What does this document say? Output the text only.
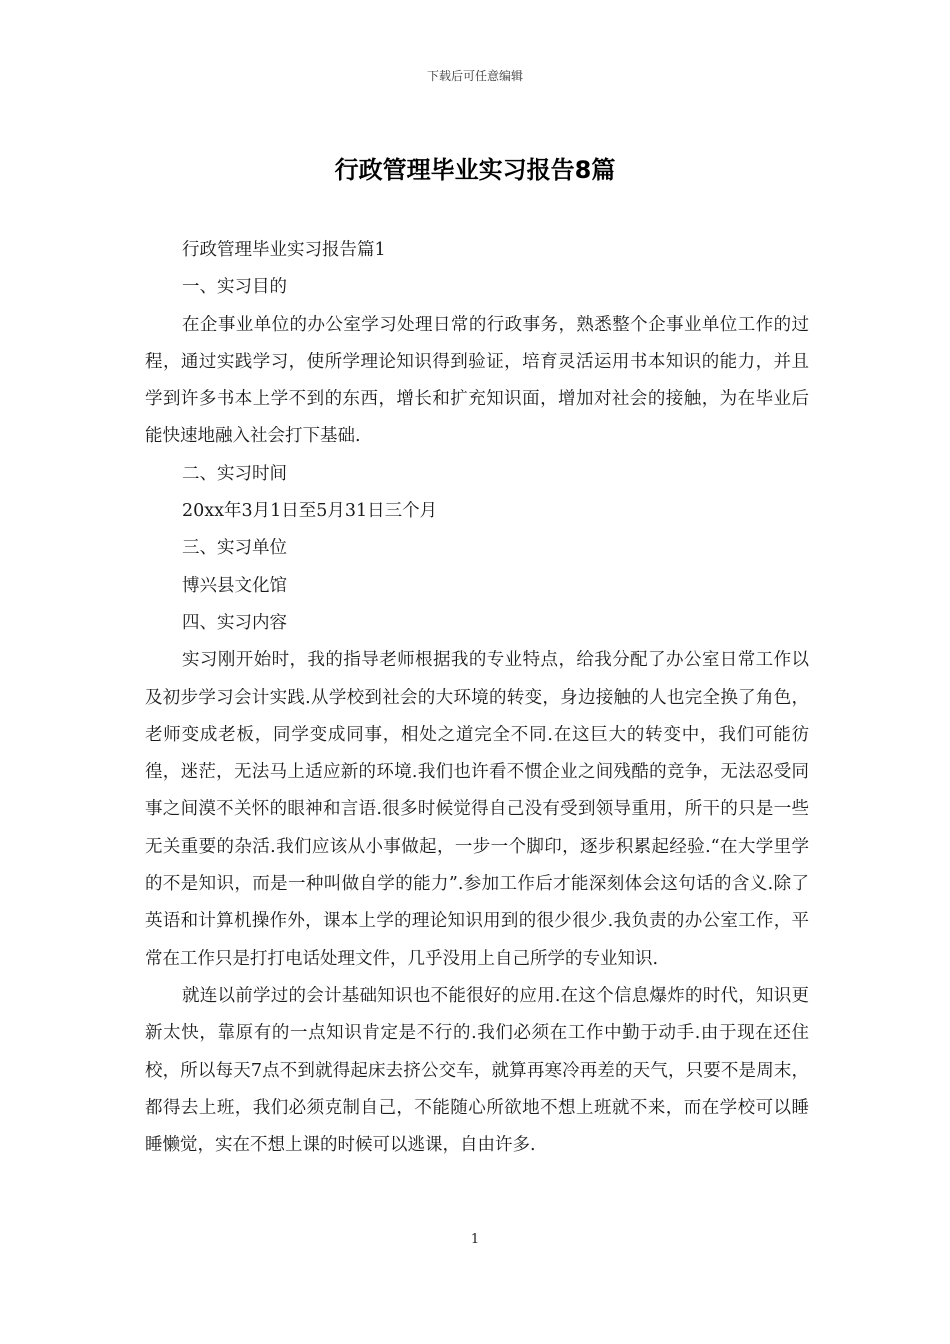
下载后可任意编辑
行政管理毕业实习报告8篇

行政管理毕业实习报告篇1

一、实习目的

在企事业单位的办公室学习处理日常的行政事务，熟悉整个企事业单位工作的过程，通过实践学习，使所学理论知识得到验证，培育灵活运用书本知识的能力，并且学到许多书本上学不到的东西，增长和扩充知识面，增加对社会的接触，为在毕业后能快速地融入社会打下基础.

二、实习时间

20xx年3月1日至5月31日三个月

三、实习单位

博兴县文化馆

四、实习内容

实习刚开始时，我的指导老师根据我的专业特点，给我分配了办公室日常工作以及初步学习会计实践.从学校到社会的大环境的转变，身边接触的人也完全换了角色，老师变成老板，同学变成同事，相处之道完全不同.在这巨大的转变中，我们可能彷徨，迷茫，无法马上适应新的环境.我们也许看不惯企业之间残酷的竞争，无法忍受同事之间漠不关怀的眼神和言语.很多时候觉得自己没有受到领导重用，所干的只是一些无关重要的杂活.我们应该从小事做起，一步一个脚印，逐步积累起经验.“在大学里学的不是知识，而是一种叫做自学的能力”.参加工作后才能深刻体会这句话的含义.除了英语和计算机操作外，课本上学的理论知识用到的很少很少.我负责的办公室工作，平常在工作只是打打电话处理文件，几乎没用上自己所学的专业知识.

就连以前学过的会计基础知识也不能很好的应用.在这个信息爆炸的时代，知识更新太快，靠原有的一点知识肯定是不行的.我们必须在工作中勤于动手.由于现在还住校，所以每天7点不到就得起床去挤公交车，就算再寒冷再差的天气，只要不是周末，都得去上班，我们必须克制自己，不能随心所欲地不想上班就不来，而在学校可以睡睡懒觉，实在不想上课的时候可以逃课，自由许多.

1
